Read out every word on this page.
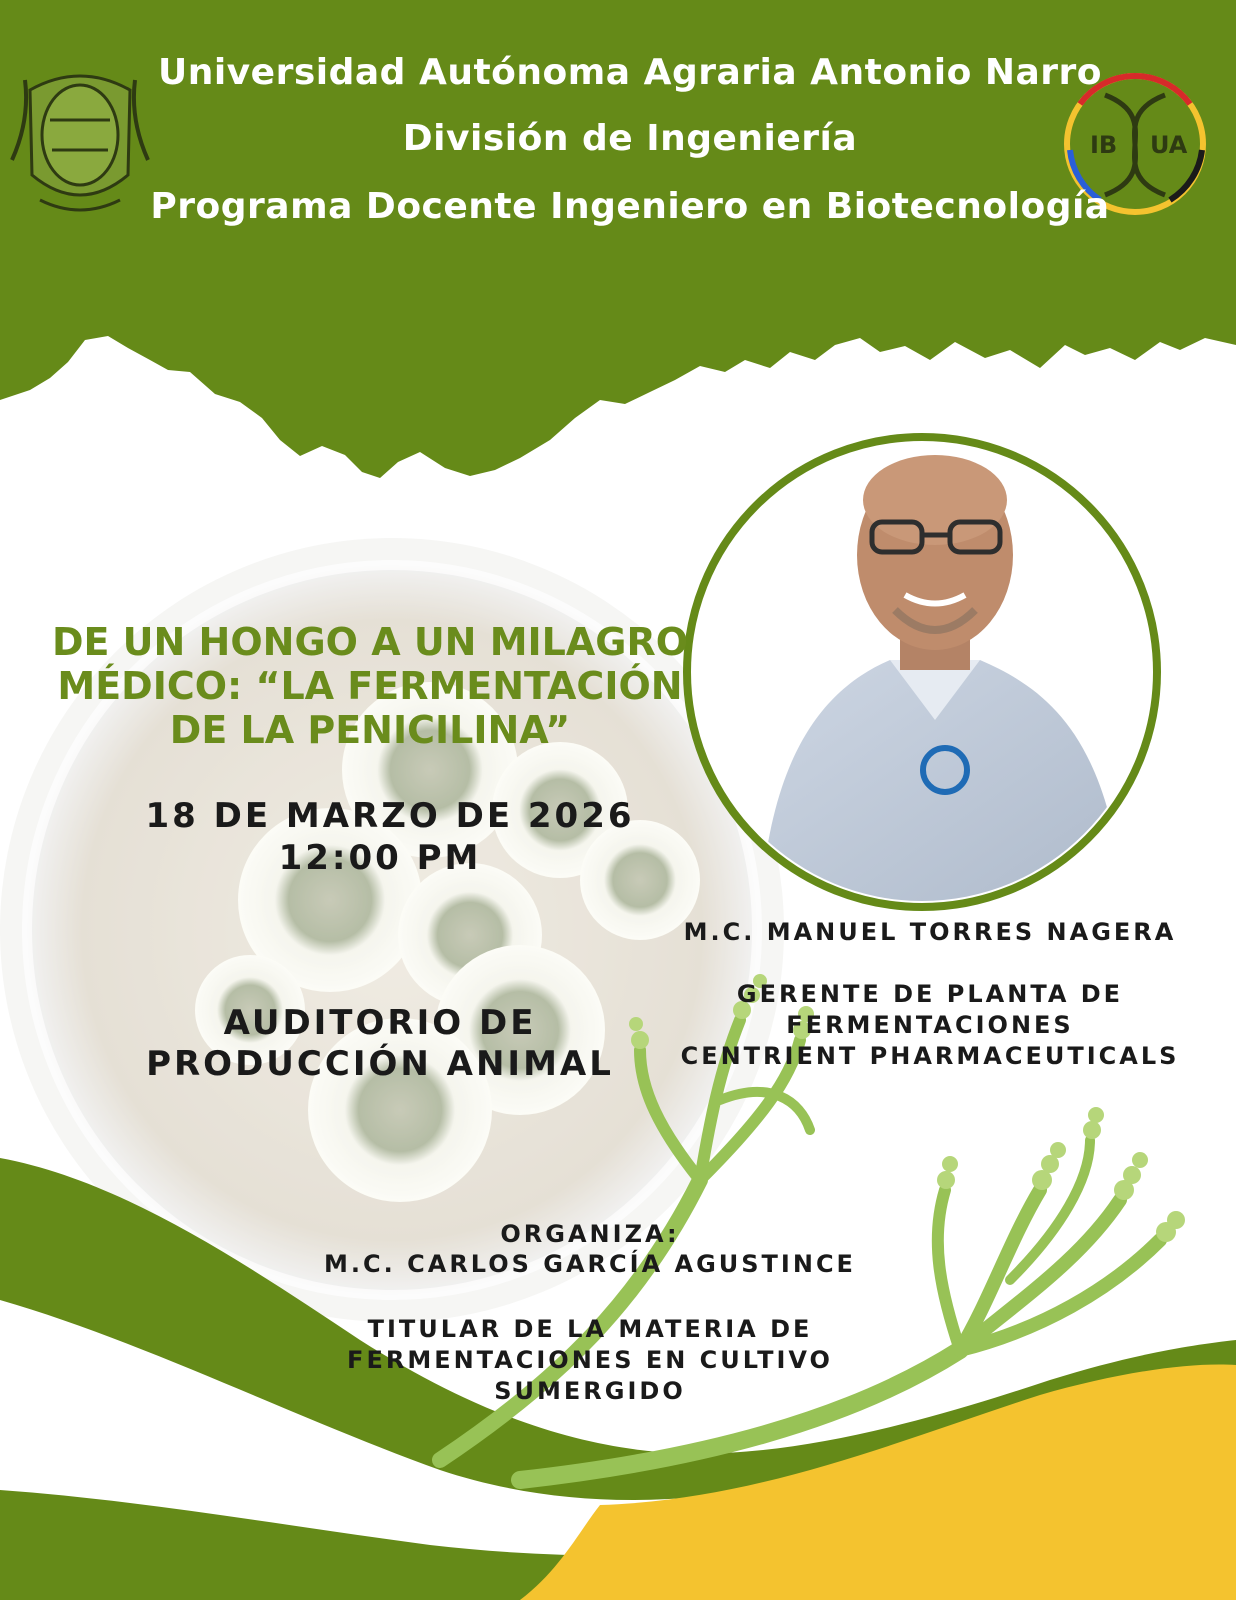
IB UA
Universidad Autónoma Agraria Antonio Narro
División de Ingeniería
Programa Docente Ingeniero en Biotecnología
DE UN HONGO A UN MILAGRO
MÉDICO: “LA FERMENTACIÓN
DE LA PENICILINA”
18 DE MARZO DE 2026
12:00 PM
AUDITORIO DE
PRODUCCIÓN ANIMAL
M.C. MANUEL TORRES NAGERA
GERENTE DE PLANTA DE
FERMENTACIONES
CENTRIENT PHARMACEUTICALS
ORGANIZA:
M.C. CARLOS GARCÍA AGUSTINCE
TITULAR DE LA MATERIA DE
FERMENTACIONES EN CULTIVO
SUMERGIDO
